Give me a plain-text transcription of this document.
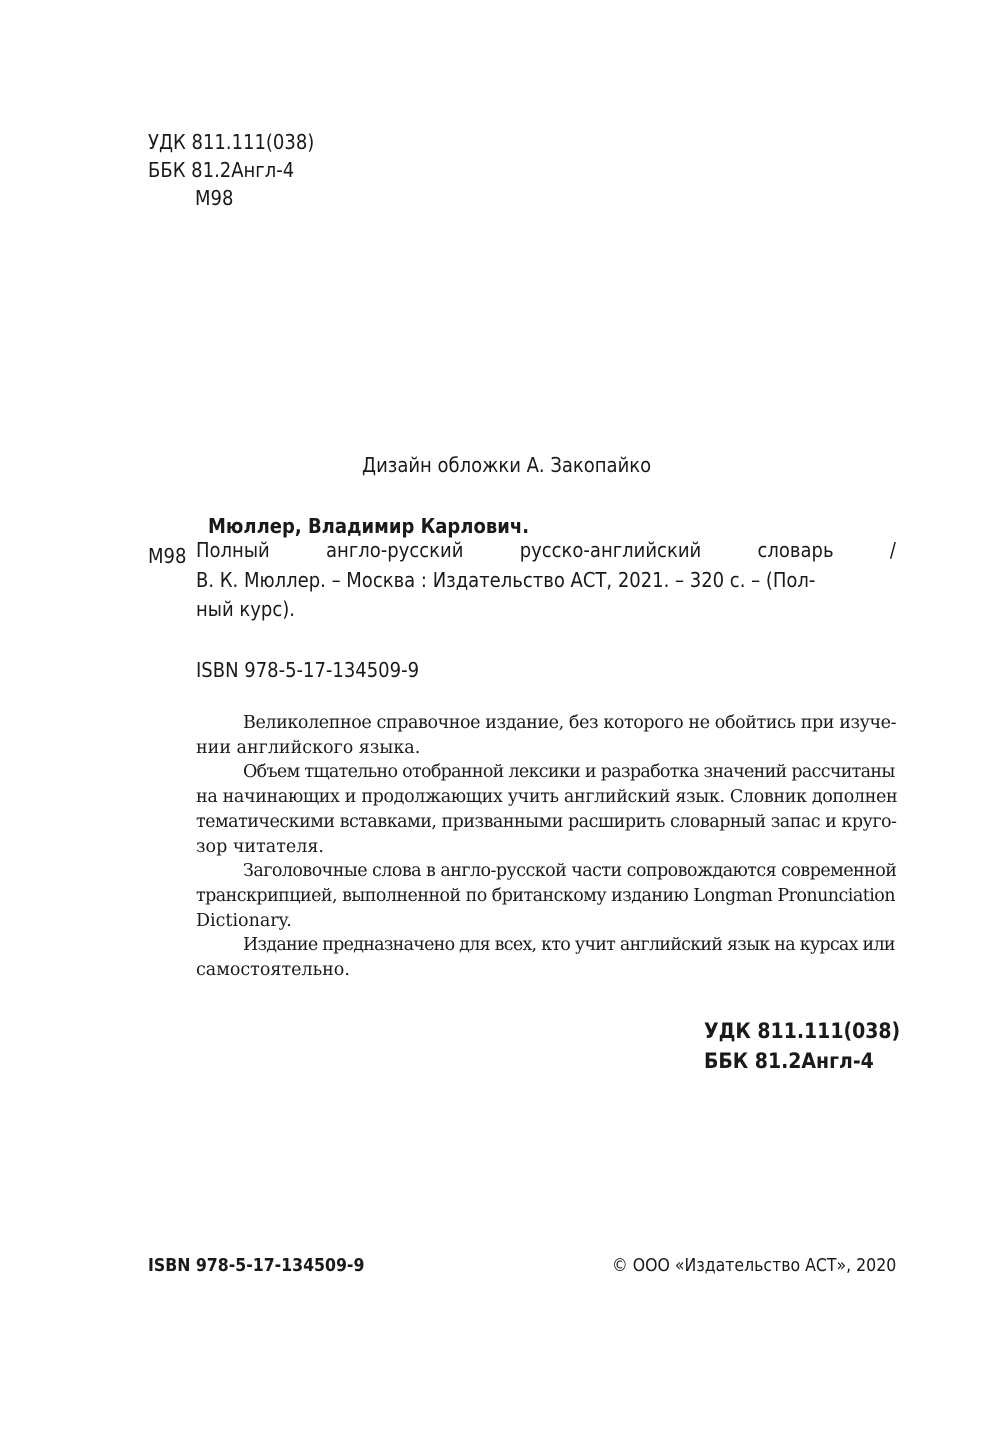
УДК 811.111(038)
ББК 81.2Англ-4
М98
Дизайн обложки А. Закопайко
Мюллер, Владимир Карлович.
М98 Полный	англо-русский	русско-английский	словарь	/
В. К. Мюллер. – Москва : Издательство АСТ, 2021. – 320 с. – (Пол-
ный курс).
ISBN 978-5-17-134509-9
Великолепное справочное издание, без которого не обойтись при изуче-
нии английского языка.
Объем тщательно отобранной лексики и разработка значений рассчитаны
на начинающих и продолжающих учить английский язык. Словник дополнен
тематическими вставками, призванными расширить словарный запас и круго-
зор читателя.
Заголовочные слова в англо-русской части сопровождаются современной
транскрипцией, выполненной по британскому изданию Longman Pronunciation
Dictionary.
Издание предназначено для всех, кто учит английский язык на курсах или
самостоятельно.
УДК 811.111(038)
ББК 81.2Англ-4
ISBN 978-5-17-134509-9	© ООО «Издательство АСТ», 2020
